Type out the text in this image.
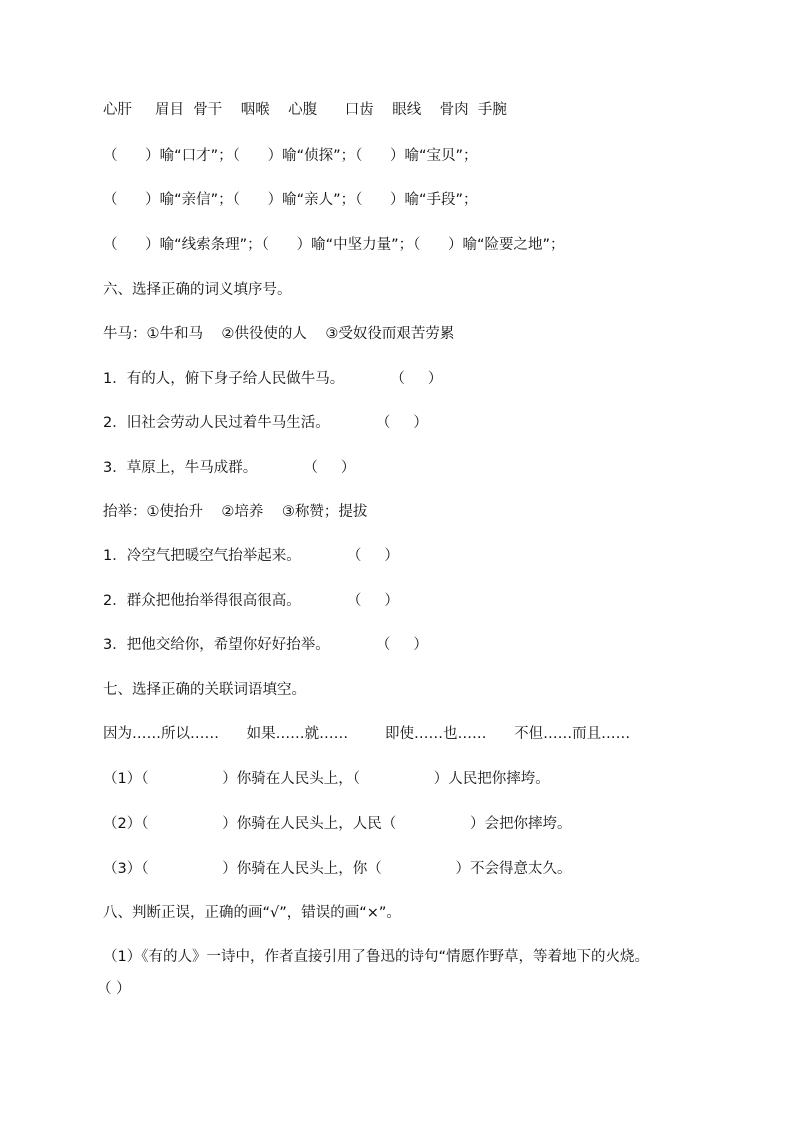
心肝     眉目  骨干    咽喉    心腹      口齿    眼线    骨肉  手腕
（      ）喻“口才”；（      ）喻“侦探”；（      ）喻“宝贝”；
（      ）喻“亲信”；（      ）喻“亲人”；（      ）喻“手段”；
（      ）喻“线索条理”；（      ）喻“中坚力量”；（      ）喻“险要之地”；
六、选择正确的词义填序号。
牛马：①牛和马    ②供役使的人    ③受奴役而艰苦劳累
1．有的人，俯下身子给人民做牛马。          （     ）
2．旧社会劳动人民过着牛马生活。          （     ）
3．草原上，牛马成群。          （     ）
抬举：①使抬升    ②培养    ③称赞；提拔
1．冷空气把暖空气抬举起来。          （     ）
2．群众把他抬举得很高很高。          （     ）
3．把他交给你，希望你好好抬举。          （     ）
七、选择正确的关联词语填空。
因为……所以……      如果……就……        即使……也……      不但……而且……
（1）（                ）你骑在人民头上，（                ）人民把你摔垮。
（2）（                ）你骑在人民头上，人民（                ）会把你摔垮。
（3）（                ）你骑在人民头上，你（                ）不会得意太久。
八、判断正误，正确的画“√”，错误的画“×”。
（1）《有的人》一诗中，作者直接引用了鲁迅的诗句“情愿作野草，等着地下的火烧。
（ ）
